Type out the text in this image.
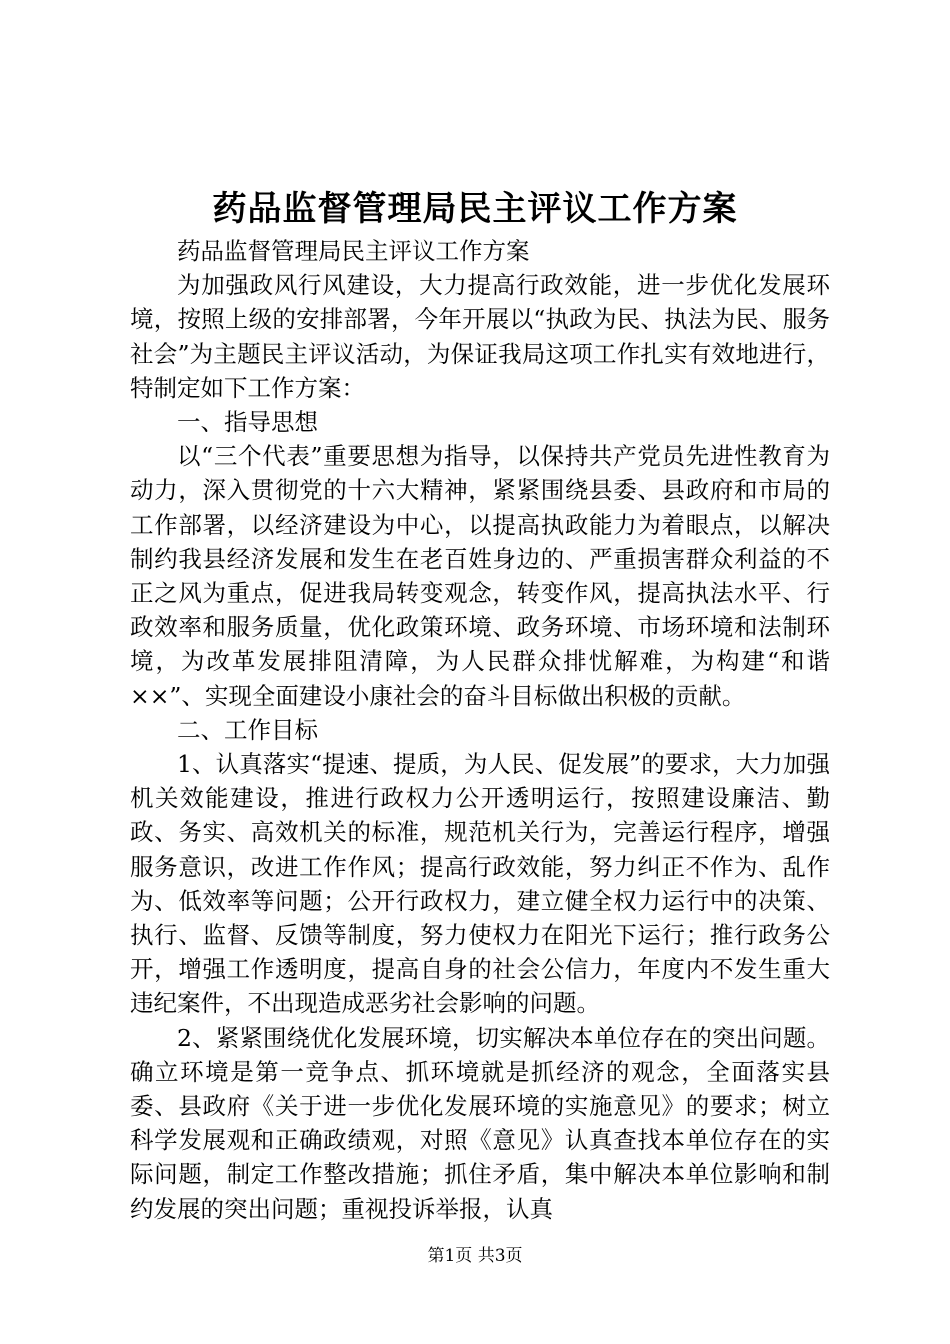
药品监督管理局民主评议工作方案

药品监督管理局民主评议工作方案

为加强政风行风建设，大力提高行政效能，进一步优化发展环境，按照上级的安排部署，今年开展以“执政为民、执法为民、服务社会”为主题民主评议活动，为保证我局这项工作扎实有效地进行，特制定如下工作方案：

一、指导思想

以“三个代表”重要思想为指导，以保持共产党员先进性教育为动力，深入贯彻党的十六大精神，紧紧围绕县委、县政府和市局的工作部署，以经济建设为中心，以提高执政能力为着眼点，以解决制约我县经济发展和发生在老百姓身边的、严重损害群众利益的不正之风为重点，促进我局转变观念，转变作风，提高执法水平、行政效率和服务质量，优化政策环境、政务环境、市场环境和法制环境，为改革发展排阻清障，为人民群众排忧解难，为构建“和谐××”、实现全面建设小康社会的奋斗目标做出积极的贡献。

二、工作目标

1、认真落实“提速、提质，为人民、促发展”的要求，大力加强机关效能建设，推进行政权力公开透明运行，按照建设廉洁、勤政、务实、高效机关的标准，规范机关行为，完善运行程序，增强服务意识，改进工作作风；提高行政效能，努力纠正不作为、乱作为、低效率等问题；公开行政权力，建立健全权力运行中的决策、执行、监督、反馈等制度，努力使权力在阳光下运行；推行政务公开，增强工作透明度，提高自身的社会公信力，年度内不发生重大违纪案件，不出现造成恶劣社会影响的问题。

2、紧紧围绕优化发展环境，切实解决本单位存在的突出问题。确立环境是第一竞争点、抓环境就是抓经济的观念，全面落实县委、县政府《关于进一步优化发展环境的实施意见》的要求；树立科学发展观和正确政绩观，对照《意见》认真查找本单位存在的实际问题，制定工作整改措施；抓住矛盾，集中解决本单位影响和制约发展的突出问题；重视投诉举报，认真

第1页 共3页
